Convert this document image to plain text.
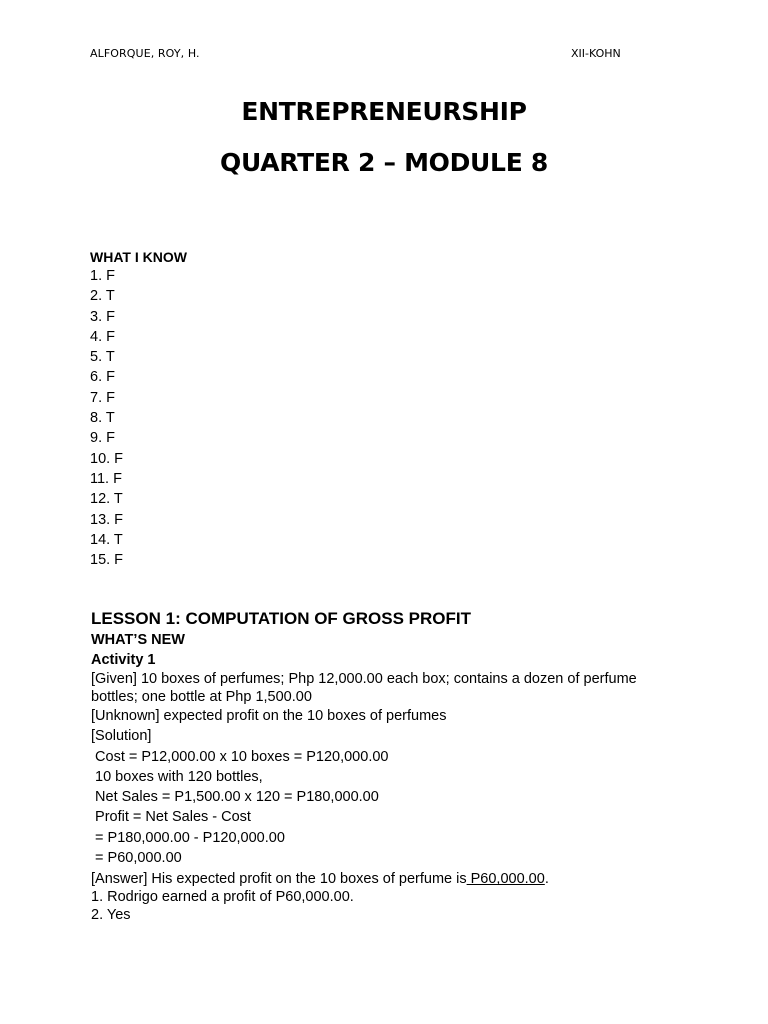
ALFORQUE, ROY, H.	XII-KOHN
ENTREPRENEURSHIP
QUARTER 2 – MODULE 8
WHAT I KNOW
1. F
2. T
3. F
4. F
5. T
6. F
7. F
8. T
9. F
10. F
11. F
12. T
13. F
14. T
15. F
LESSON 1: COMPUTATION OF GROSS PROFIT
WHAT’S NEW
Activity 1
[Given] 10 boxes of perfumes; Php 12,000.00 each box; contains a dozen of perfume bottles; one bottle at Php 1,500.00
[Unknown] expected profit on the 10 boxes of perfumes
[Solution]
Cost = P12,000.00 x 10 boxes = P120,000.00
10 boxes with 120 bottles,
Net Sales = P1,500.00 x 120 = P180,000.00
Profit = Net Sales - Cost
= P180,000.00 - P120,000.00
= P60,000.00
[Answer] His expected profit on the 10 boxes of perfume is P60,000.00.
1. Rodrigo earned a profit of P60,000.00.
2. Yes
